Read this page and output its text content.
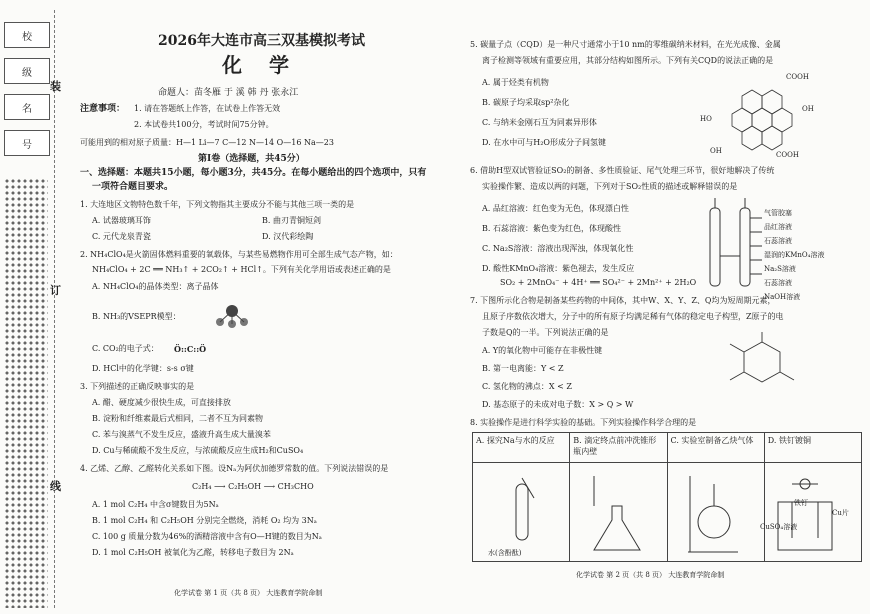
校
级
名
号
装
订
线
2026年大连市高三双基模拟考试
化 学
命题人：苗冬雁 于 溪 韩 丹 张永江
注意事项： 1. 请在答题纸上作答，在试卷上作答无效
2. 本试卷共100分，考试时间75分钟。
可能用到的相对原子质量：H—1 Li—7 C—12 N—14 O—16 Na—23
第Ⅰ卷（选择题，共45分）
一、选择题：本题共15小题，每小题3分，共45分。在每小题给出的四个选项中，只有
一项符合题目要求。
1. 大连地区文物特色数千年，下列文物指其主要成分不能与其他三项一类的是
A. 试器玻璃耳饰	B. 曲刃青铜短剑
C. 元代龙泉青瓷	D. 汉代彩绘陶
2. NH₄ClO₄是火箭固体燃料重要的氧载体，与某些易燃物作用可全部生成气态产物，如：
NH₄ClO₄ + 2C ══ NH₃↑ + 2CO₂↑ + HCl↑。下列有关化学用语或表述正确的是
A. NH₄ClO₄的晶体类型：离子晶体
B. NH₃的VSEPR模型：
C. CO₂的电子式： Ö::C::Ö
D. HCl中的化学键：s-s σ键
3. 下列描述的正确反映事实的是
A. 醋、硬度减少很快生成，可直接排放
B. 淀粉和纤维素最后式相同，二者不互为同素物
C. 苯与溴蒸气不发生反应，盛液升高生成大量溴苯
D. Cu与稀硫酸不发生反应，与浓硫酸反应生成H₂和CuSO₄
4. 乙烯、乙醇、乙醛转化关系如下图。设Nₐ为阿伏加德罗常数的值。下列说法错误的是
C₂H₄ ⟶ C₂H₅OH ⟶ CH₃CHO
A. 1 mol C₂H₄ 中含σ键数目为5Nₐ
B. 1 mol C₂H₄ 和 C₂H₅OH 分别完全燃烧，消耗 O₂ 均为 3Nₐ
C. 100 g 质量分数为46%的酒精溶液中含有O—H键的数目为Nₐ
D. 1 mol C₂H₅OH 被氧化为乙醛，转移电子数目为 2Nₐ
化学试卷 第 1 页（共 8 页） 大连教育学院命制
5. 碳量子点（CQD）是一种尺寸通常小于10 nm的零维碳纳米材料，在光光成像、金属
离子检测等领域有重要应用，其部分结构如图所示。下列有关CQD的说法正确的是
A. 属于烃类有机物
B. 碳原子均采取sp²杂化
C. 与纳米金刚石互为同素异形体
D. 在水中可与H₂O形成分子间氢键
COOH
OH
HO
OH	COOH
6. 借助H型双试管验证SO₂的制备、多性质验证、尾气处理三环节，很好地解决了传统
实验操作繁、造成以两的问题，下列对于SO₂性质的描述或解释错误的是
A. 品红溶液：红色变为无色，体现漂白性
B. 石蕊溶液：紫色变为红色，体现酸性
C. Na₂S溶液：溶液出现浑浊，体现氧化性
D. 酸性KMnO₄溶液：紫色褪去，发生反应
SO₂ + 2MnO₄⁻ + 4H⁺ ══ SO₄²⁻ + 2Mn²⁺ + 2H₂O
气管胶塞
品红溶液
石蕊溶液
湿润的KMnO₄溶液
Na₂S溶液
石蕊溶液
NaOH溶液
7. 下图所示化合物是制备某些药物的中间体，其中W、X、Y、Z、Q均为短周期元素，
且原子序数依次增大，分子中的所有原子均满足稀有气体的稳定电子构型，Z原子的电
子数是Q的一半。下列说法正确的是
A. Y的氧化物中可能存在非极性键
B. 第一电离能：Y < Z
C. 氢化物的沸点：X < Z
D. 基态原子的未成对电子数：X > Q > W
8. 实验操作是进行科学实验的基础。下列实验操作科学合理的是
A. 探究Na与水的反应	B. 滴定终点前冲洗锥形瓶内壁	C. 实验室制备乙炔气体	D. 铁钉镀铜

水(含酚酞)
CuSO₄溶液
Cu片
铁钉
化学试卷 第 2 页（共 8 页） 大连教育学院命制
